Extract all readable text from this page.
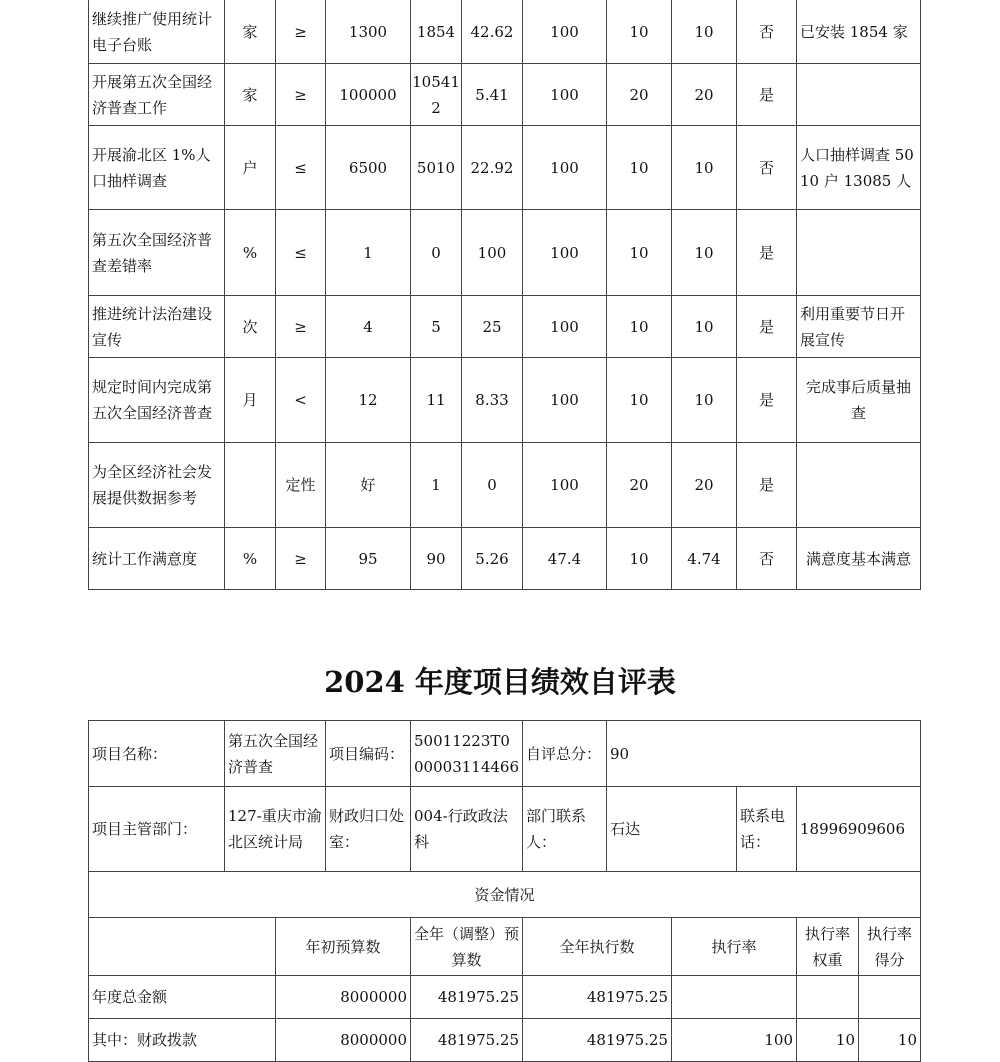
继续推广使用统计电子台账	家	≥	1300	1854	42.62	100	10	10	否	已安装 1854 家
开展第五次全国经济普查工作	家	≥	100000	105412	5.41	100	20	20	是	
开展渝北区 1%人口抽样调查	户	≤	6500	5010	22.92	100	10	10	否	人口抽样调查 5010 户 13085 人
第五次全国经济普查差错率	%	≤	1	0	100	100	10	10	是	
推进统计法治建设宣传	次	≥	4	5	25	100	10	10	是	利用重要节日开展宣传
规定时间内完成第五次全国经济普查	月	<	12	11	8.33	100	10	10	是	完成事后质量抽查
为全区经济社会发展提供数据参考		定性	好	1	0	100	20	20	是	
统计工作满意度	%	≥	95	90	5.26	47.4	10	4.74	否	满意度基本满意
2024 年度项目绩效自评表
项目名称：	第五次全国经济普查		项目编码：	50011223T000003114466	自评总分：	90				
项目主管部门：	127-重庆市渝北区统计局		财政归口处室：	004-行政政法科	部门联系人：	石达		联系电话：	18996909606	
资金情况										
		年初预算数		全年（调整）预算数	全年执行数		执行率		执行率权重	执行率得分
年度总金额		8000000		481975.25	481975.25					
其中：财政拨款		8000000		481975.25	481975.25		100		10	10
